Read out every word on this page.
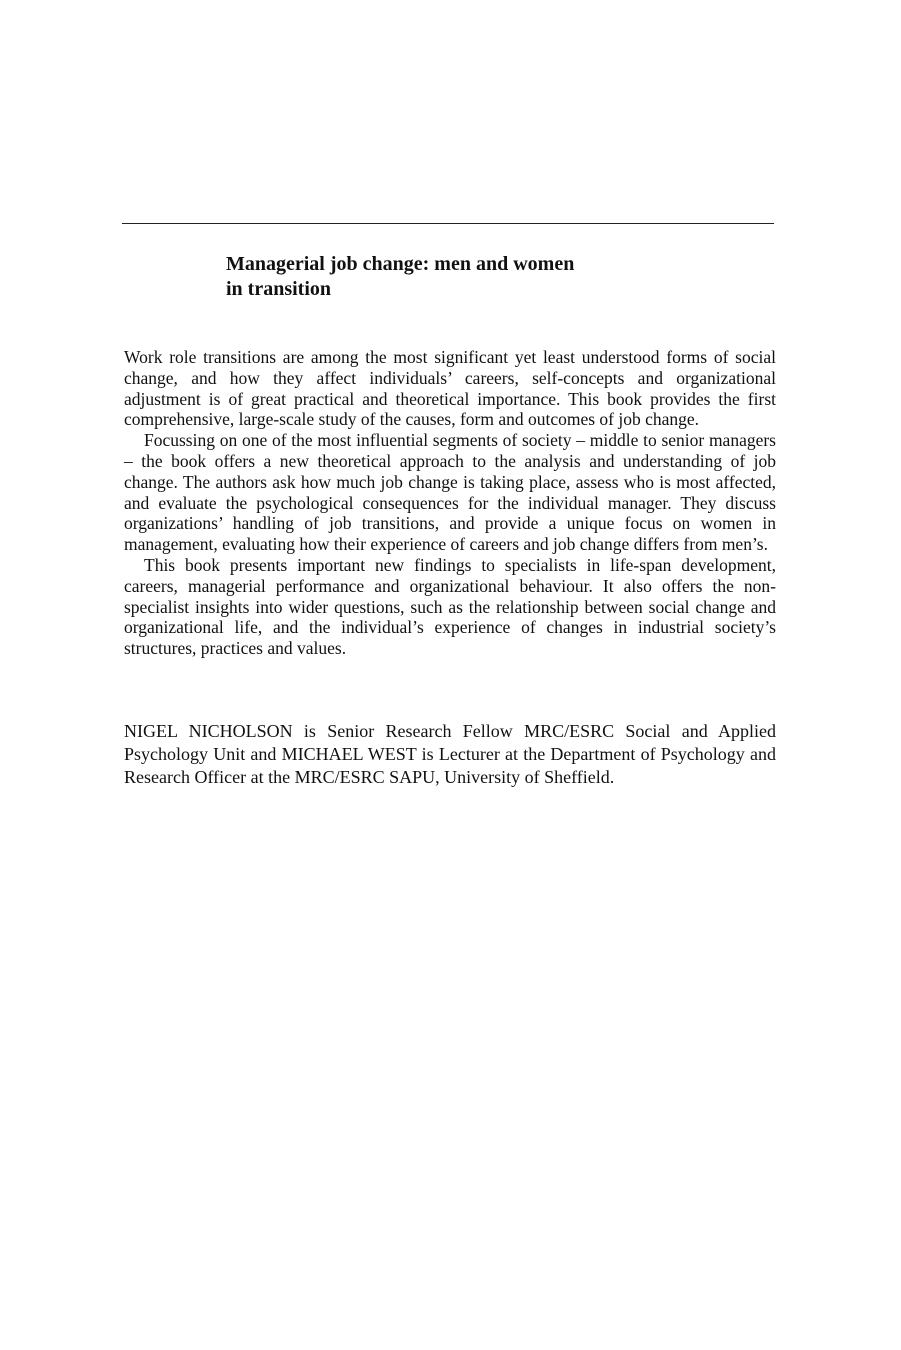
Managerial job change: men and women
in transition

Work role transitions are among the most significant yet least understood forms of social change, and how they affect individuals’ careers, self-concepts and organizational adjustment is of great practical and theoretical importance. This book provides the first comprehensive, large-scale study of the causes, form and outcomes of job change.

Focussing on one of the most influential segments of society – middle to senior managers – the book offers a new theoretical approach to the analysis and understanding of job change. The authors ask how much job change is taking place, assess who is most affected, and evaluate the psychological consequences for the individual manager. They discuss organizations’ handling of job transitions, and provide a unique focus on women in management, evaluating how their experience of careers and job change differs from men’s.

This book presents important new findings to specialists in life-span development, careers, managerial performance and organizational behaviour. It also offers the non-specialist insights into wider questions, such as the relationship between social change and organizational life, and the individual’s experience of changes in industrial society’s structures, practices and values.

NIGEL NICHOLSON is Senior Research Fellow MRC/ESRC Social and Applied Psychology Unit and MICHAEL WEST is Lecturer at the Department of Psychology and Research Officer at the MRC/ESRC SAPU, University of Sheffield.
